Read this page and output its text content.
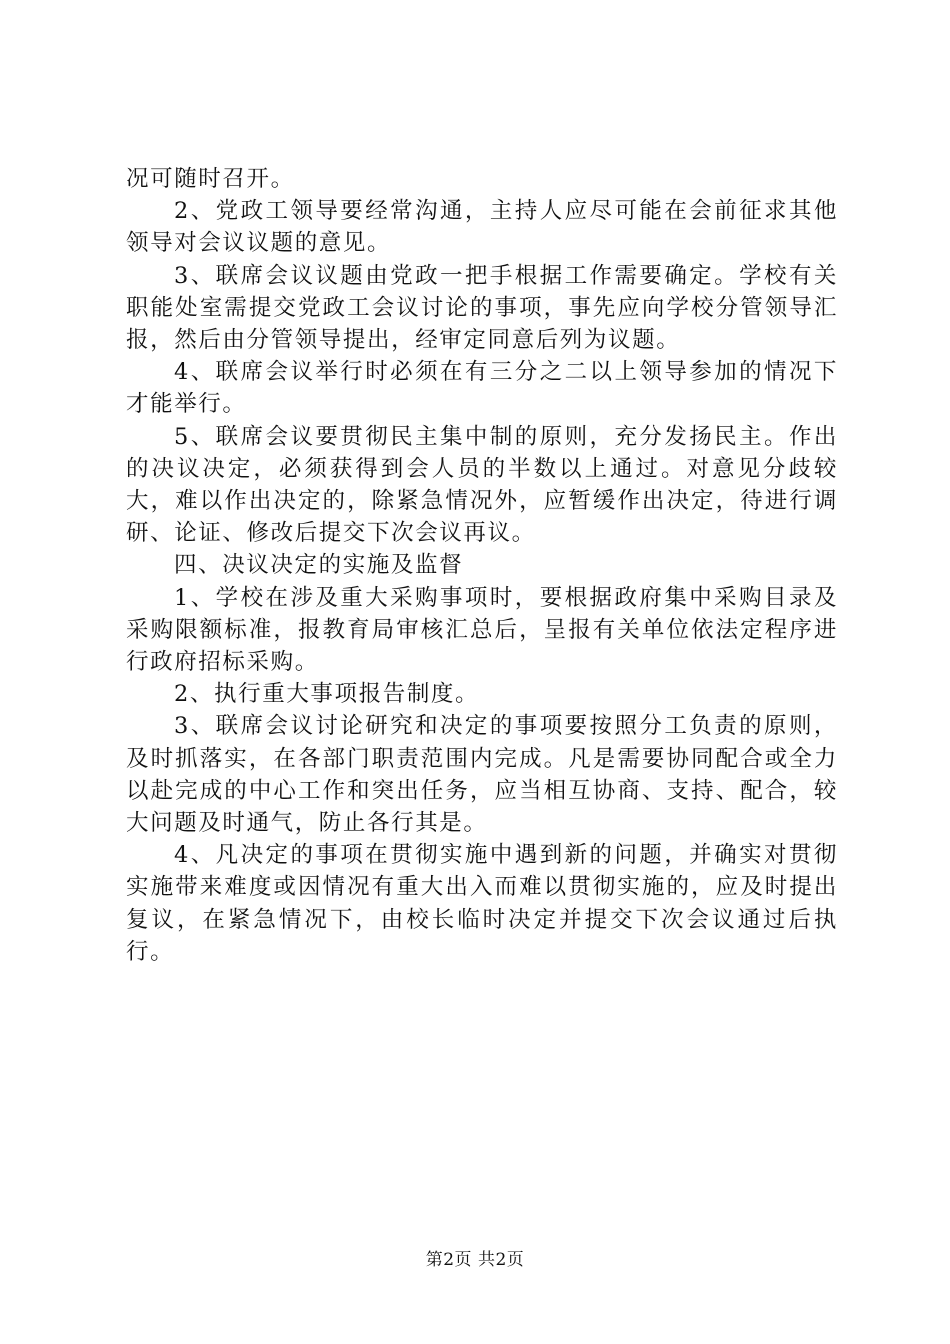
况可随时召开。

2、党政工领导要经常沟通，主持人应尽可能在会前征求其他领导对会议议题的意见。

3、联席会议议题由党政一把手根据工作需要确定。学校有关职能处室需提交党政工会议讨论的事项，事先应向学校分管领导汇报，然后由分管领导提出，经审定同意后列为议题。

4、联席会议举行时必须在有三分之二以上领导参加的情况下才能举行。

5、联席会议要贯彻民主集中制的原则，充分发扬民主。作出的决议决定，必须获得到会人员的半数以上通过。对意见分歧较大，难以作出决定的，除紧急情况外，应暂缓作出决定，待进行调研、论证、修改后提交下次会议再议。

四、决议决定的实施及监督

1、学校在涉及重大采购事项时，要根据政府集中采购目录及采购限额标准，报教育局审核汇总后，呈报有关单位依法定程序进行政府招标采购。

2、执行重大事项报告制度。

3、联席会议讨论研究和决定的事项要按照分工负责的原则，及时抓落实，在各部门职责范围内完成。凡是需要协同配合或全力以赴完成的中心工作和突出任务，应当相互协商、支持、配合，较大问题及时通气，防止各行其是。

4、凡决定的事项在贯彻实施中遇到新的问题，并确实对贯彻实施带来难度或因情况有重大出入而难以贯彻实施的，应及时提出复议，在紧急情况下，由校长临时决定并提交下次会议通过后执行。

第2页 共2页
